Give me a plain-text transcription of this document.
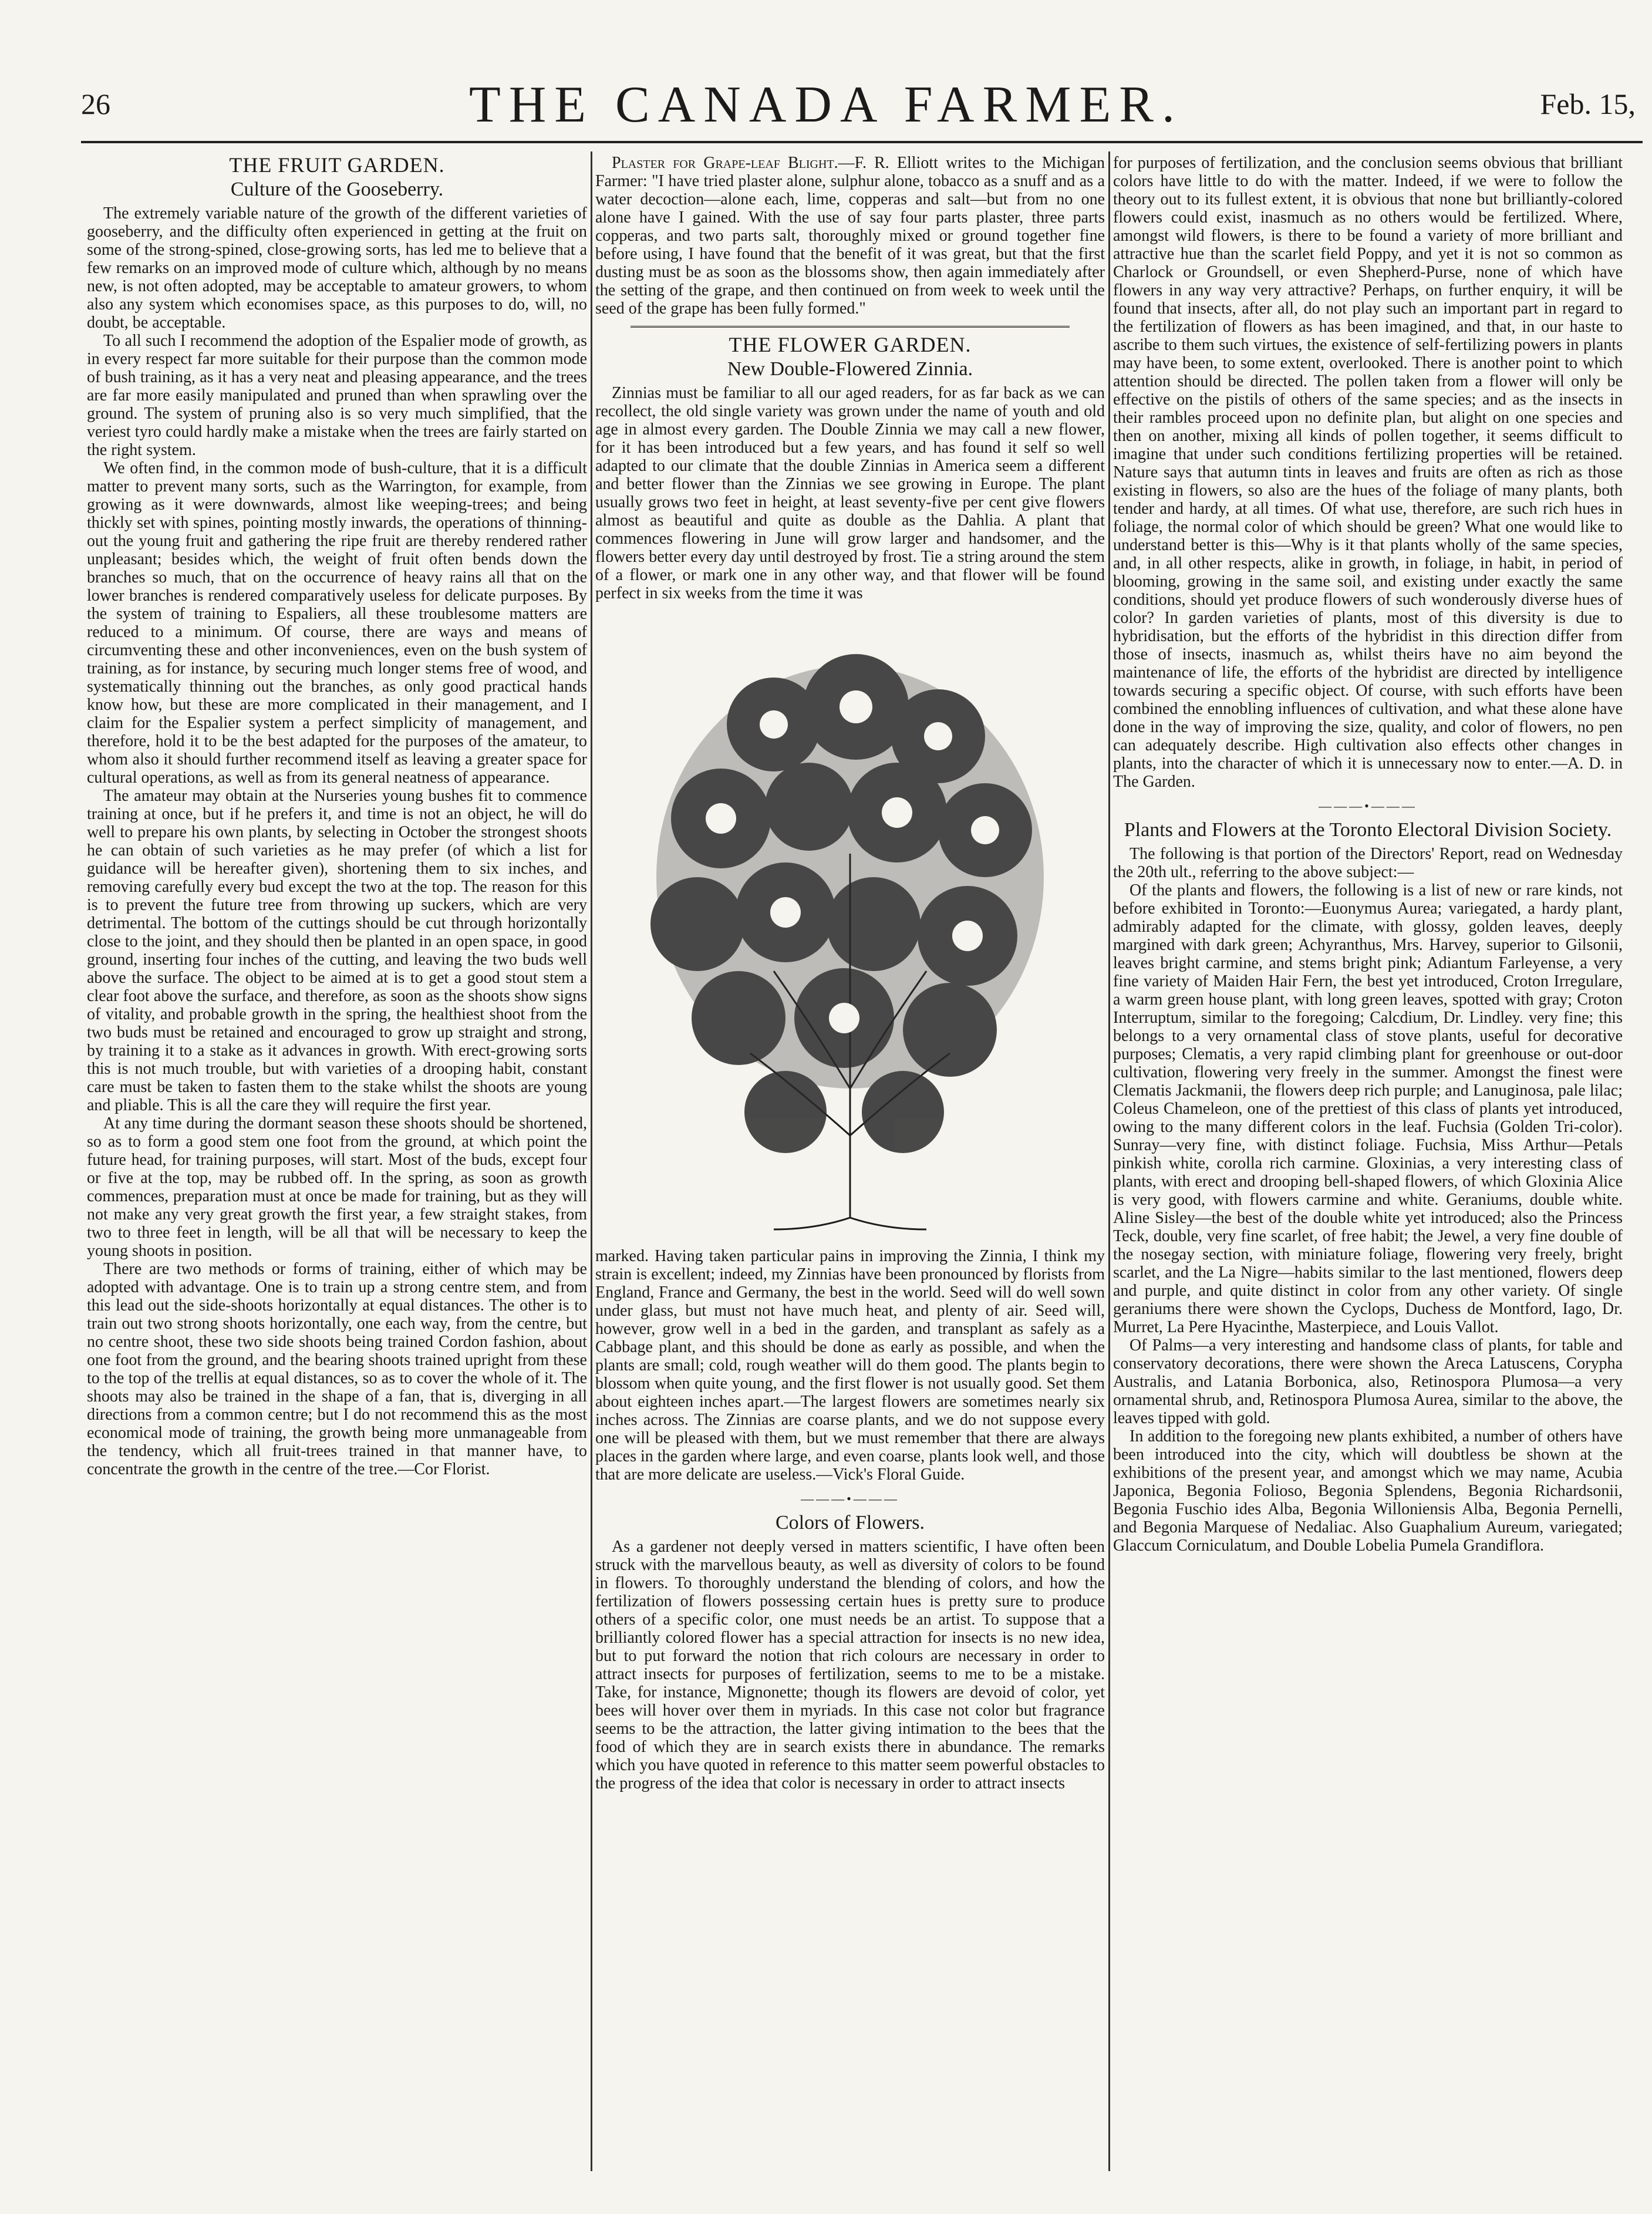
26	THE CANADA FARMER.	Feb. 15,
THE FRUIT GARDEN.
Culture of the Gooseberry.

The extremely variable nature of the growth of the different varieties of gooseberry, and the difficulty often experienced in getting at the fruit on some of the strong-spined, close-growing sorts, has led me to believe that a few remarks on an improved mode of culture which, although by no means new, is not often adopted, may be acceptable to amateur growers, to whom also any system which economises space, as this purposes to do, will, no doubt, be acceptable.

To all such I recommend the adoption of the Espalier mode of growth, as in every respect far more suitable for their purpose than the common mode of bush training, as it has a very neat and pleasing appearance, and the trees are far more easily manipulated and pruned than when sprawling over the ground. The system of pruning also is so very much simplified, that the veriest tyro could hardly make a mistake when the trees are fairly started on the right system.

We often find, in the common mode of bush-culture, that it is a difficult matter to prevent many sorts, such as the Warrington, for example, from growing as it were downwards, almost like weeping-trees; and being thickly set with spines, pointing mostly inwards, the operations of thinning-out the young fruit and gathering the ripe fruit are thereby rendered rather unpleasant; besides which, the weight of fruit often bends down the branches so much, that on the occurrence of heavy rains all that on the lower branches is rendered comparatively useless for delicate purposes. By the system of training to Espaliers, all these troublesome matters are reduced to a minimum. Of course, there are ways and means of circumventing these and other inconveniences, even on the bush system of training, as for instance, by securing much longer stems free of wood, and systematically thinning out the branches, as only good practical hands know how, but these are more complicated in their management, and I claim for the Espalier system a perfect simplicity of management, and therefore, hold it to be the best adapted for the purposes of the amateur, to whom also it should further recommend itself as leaving a greater space for cultural operations, as well as from its general neatness of appearance.

The amateur may obtain at the Nurseries young bushes fit to commence training at once, but if he prefers it, and time is not an object, he will do well to prepare his own plants, by selecting in October the strongest shoots he can obtain of such varieties as he may prefer (of which a list for guidance will be hereafter given), shortening them to six inches, and removing carefully every bud except the two at the top. The reason for this is to prevent the future tree from throwing up suckers, which are very detrimental. The bottom of the cuttings should be cut through horizontally close to the joint, and they should then be planted in an open space, in good ground, inserting four inches of the cutting, and leaving the two buds well above the surface. The object to be aimed at is to get a good stout stem a clear foot above the surface, and therefore, as soon as the shoots show signs of vitality, and probable growth in the spring, the healthiest shoot from the two buds must be retained and encouraged to grow up straight and strong, by training it to a stake as it advances in growth. With erect-growing sorts this is not much trouble, but with varieties of a drooping habit, constant care must be taken to fasten them to the stake whilst the shoots are young and pliable. This is all the care they will require the first year.

At any time during the dormant season these shoots should be shortened, so as to form a good stem one foot from the ground, at which point the future head, for training purposes, will start. Most of the buds, except four or five at the top, may be rubbed off. In the spring, as soon as growth commences, preparation must at once be made for training, but as they will not make any very great growth the first year, a few straight stakes, from two to three feet in length, will be all that will be necessary to keep the young shoots in position.

There are two methods or forms of training, either of which may be adopted with advantage. One is to train up a strong centre stem, and from this lead out the side-shoots horizontally at equal distances. The other is to train out two strong shoots horizontally, one each way, from the centre, but no centre shoot, these two side shoots being trained Cordon fashion, about one foot from the ground, and the bearing shoots trained upright from these to the top of the trellis at equal distances, so as to cover the whole of it. The shoots may also be trained in the shape of a fan, that is, diverging in all directions from a common centre; but I do not recommend this as the most economical mode of training, the growth being more unmanageable from the tendency, which all fruit-trees trained in that manner have, to concentrate the growth in the centre of the tree.—Cor Florist.

Plaster for Grape-leaf Blight.—F. R. Elliott writes to the Michigan Farmer: "I have tried plaster alone, sulphur alone, tobacco as a snuff and as a water decoction—alone each, lime, copperas and salt—but from no one alone have I gained. With the use of say four parts plaster, three parts copperas, and two parts salt, thoroughly mixed or ground together fine before using, I have found that the benefit of it was great, but that the first dusting must be as soon as the blossoms show, then again immediately after the setting of the grape, and then continued on from week to week until the seed of the grape has been fully formed."

THE FLOWER GARDEN.
New Double-Flowered Zinnia.

Zinnias must be familiar to all our aged readers, for as far back as we can recollect, the old single variety was grown under the name of youth and old age in almost every garden. The Double Zinnia we may call a new flower, for it has been introduced but a few years, and has found it self so well adapted to our climate that the double Zinnias in America seem a different and better flower than the Zinnias we see growing in Europe. The plant usually grows two feet in height, at least seventy-five per cent give flowers almost as beautiful and quite as double as the Dahlia. A plant that commences flowering in June will grow larger and handsomer, and the flowers better every day until destroyed by frost. Tie a string around the stem of a flower, or mark one in any other way, and that flower will be found perfect in six weeks from the time it was

marked. Having taken particular pains in improving the Zinnia, I think my strain is excellent; indeed, my Zinnias have been pronounced by florists from England, France and Germany, the best in the world. Seed will do well sown under glass, but must not have much heat, and plenty of air. Seed will, however, grow well in a bed in the garden, and transplant as safely as a Cabbage plant, and this should be done as early as possible, and when the plants are small; cold, rough weather will do them good. The plants begin to blossom when quite young, and the first flower is not usually good. Set them about eighteen inches apart.—The largest flowers are sometimes nearly six inches across. The Zinnias are coarse plants, and we do not suppose every one will be pleased with them, but we must remember that there are always places in the garden where large, and even coarse, plants look well, and those that are more delicate are useless.—Vick's Floral Guide.

———•———
Colors of Flowers.

As a gardener not deeply versed in matters scientific, I have often been struck with the marvellous beauty, as well as diversity of colors to be found in flowers. To thoroughly understand the blending of colors, and how the fertilization of flowers possessing certain hues is pretty sure to produce others of a specific color, one must needs be an artist. To suppose that a brilliantly colored flower has a special attraction for insects is no new idea, but to put forward the notion that rich colours are necessary in order to attract insects for purposes of fertilization, seems to me to be a mistake. Take, for instance, Mignonette; though its flowers are devoid of color, yet bees will hover over them in myriads. In this case not color but fragrance seems to be the attraction, the latter giving intimation to the bees that the food of which they are in search exists there in abundance. The remarks which you have quoted in reference to this matter seem powerful obstacles to the progress of the idea that color is necessary in order to attract insects

for purposes of fertilization, and the conclusion seems obvious that brilliant colors have little to do with the matter. Indeed, if we were to follow the theory out to its fullest extent, it is obvious that none but brilliantly-colored flowers could exist, inasmuch as no others would be fertilized. Where, amongst wild flowers, is there to be found a variety of more brilliant and attractive hue than the scarlet field Poppy, and yet it is not so common as Charlock or Groundsell, or even Shepherd-Purse, none of which have flowers in any way very attractive? Perhaps, on further enquiry, it will be found that insects, after all, do not play such an important part in regard to the fertilization of flowers as has been imagined, and that, in our haste to ascribe to them such virtues, the existence of self-fertilizing powers in plants may have been, to some extent, overlooked. There is another point to which attention should be directed. The pollen taken from a flower will only be effective on the pistils of others of the same species; and as the insects in their rambles proceed upon no definite plan, but alight on one species and then on another, mixing all kinds of pollen together, it seems difficult to imagine that under such conditions fertilizing properties will be retained. Nature says that autumn tints in leaves and fruits are often as rich as those existing in flowers, so also are the hues of the foliage of many plants, both tender and hardy, at all times. Of what use, therefore, are such rich hues in foliage, the normal color of which should be green? What one would like to understand better is this—Why is it that plants wholly of the same species, and, in all other respects, alike in growth, in foliage, in habit, in period of blooming, growing in the same soil, and existing under exactly the same conditions, should yet produce flowers of such wonderously diverse hues of color? In garden varieties of plants, most of this diversity is due to hybridisation, but the efforts of the hybridist in this direction differ from those of insects, inasmuch as, whilst theirs have no aim beyond the maintenance of life, the efforts of the hybridist are directed by intelligence towards securing a specific object. Of course, with such efforts have been combined the ennobling influences of cultivation, and what these alone have done in the way of improving the size, quality, and color of flowers, no pen can adequately describe. High cultivation also effects other changes in plants, into the character of which it is unnecessary now to enter.—A. D. in The Garden.

———•———
Plants and Flowers at the Toronto Electoral Division Society.

The following is that portion of the Directors' Report, read on Wednesday the 20th ult., referring to the above subject:—

Of the plants and flowers, the following is a list of new or rare kinds, not before exhibited in Toronto:—Euonymus Aurea; variegated, a hardy plant, admirably adapted for the climate, with glossy, golden leaves, deeply margined with dark green; Achyranthus, Mrs. Harvey, superior to Gilsonii, leaves bright carmine, and stems bright pink; Adiantum Farleyense, a very fine variety of Maiden Hair Fern, the best yet introduced, Croton Irregulare, a warm green house plant, with long green leaves, spotted with gray; Croton Interruptum, similar to the foregoing; Calcdium, Dr. Lindley. very fine; this belongs to a very ornamental class of stove plants, useful for decorative purposes; Clematis, a very rapid climbing plant for greenhouse or out-door cultivation, flowering very freely in the summer. Amongst the finest were Clematis Jackmanii, the flowers deep rich purple; and Lanuginosa, pale lilac; Coleus Chameleon, one of the prettiest of this class of plants yet introduced, owing to the many different colors in the leaf. Fuchsia (Golden Tri-color). Sunray—very fine, with distinct foliage. Fuchsia, Miss Arthur—Petals pinkish white, corolla rich carmine. Gloxinias, a very interesting class of plants, with erect and drooping bell-shaped flowers, of which Gloxinia Alice is very good, with flowers carmine and white. Geraniums, double white. Aline Sisley—the best of the double white yet introduced; also the Princess Teck, double, very fine scarlet, of free habit; the Jewel, a very fine double of the nosegay section, with miniature foliage, flowering very freely, bright scarlet, and the La Nigre—habits similar to the last mentioned, flowers deep and purple, and quite distinct in color from any other variety. Of single geraniums there were shown the Cyclops, Duchess de Montford, Iago, Dr. Murret, La Pere Hyacinthe, Masterpiece, and Louis Vallot.

Of Palms—a very interesting and handsome class of plants, for table and conservatory decorations, there were shown the Areca Latuscens, Corypha Australis, and Latania Borbonica, also, Retinospora Plumosa—a very ornamental shrub, and, Retinospora Plumosa Aurea, similar to the above, the leaves tipped with gold.

In addition to the foregoing new plants exhibited, a number of others have been introduced into the city, which will doubtless be shown at the exhibitions of the present year, and amongst which we may name, Acubia Japonica, Begonia Folioso, Begonia Splendens, Begonia Richardsonii, Begonia Fuschio ides Alba, Begonia Willoniensis Alba, Begonia Pernelli, and Begonia Marquese of Nedaliac. Also Guaphalium Aureum, variegated; Glaccum Corniculatum, and Double Lobelia Pumela Grandiflora.
